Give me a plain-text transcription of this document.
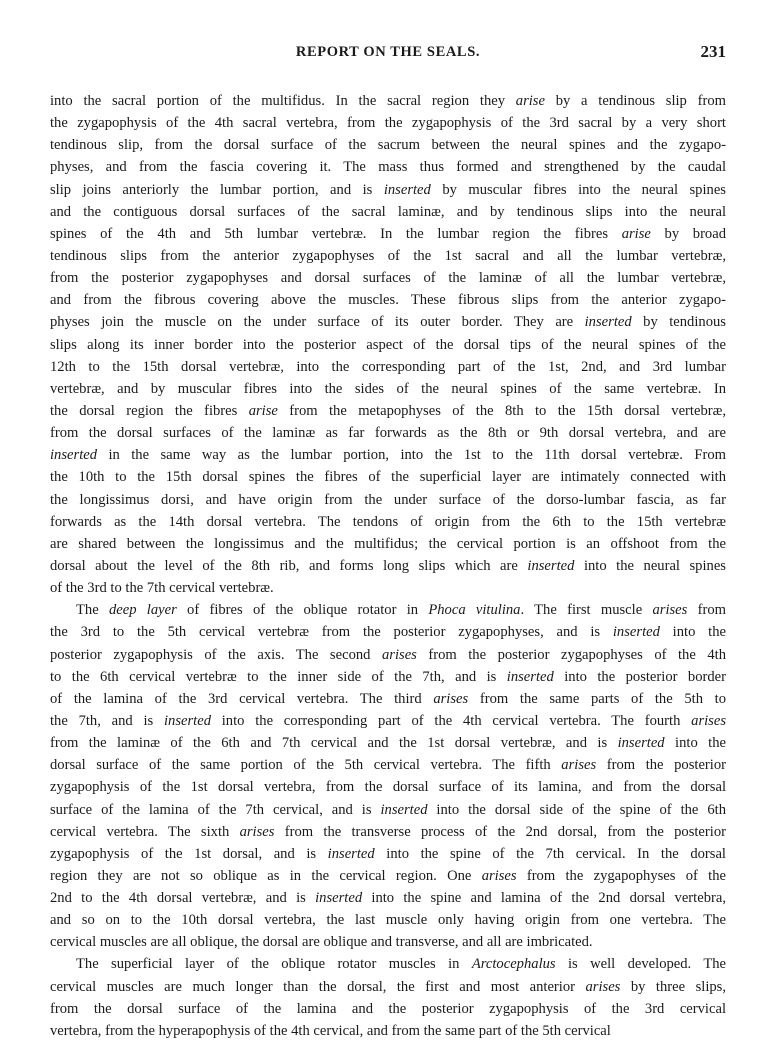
REPORT ON THE SEALS.	231
into the sacral portion of the multifidus. In the sacral region they arise by a tendinous slip from
the zygapophysis of the 4th sacral vertebra, from the zygapophysis of the 3rd sacral by a very short
tendinous slip, from the dorsal surface of the sacrum between the neural spines and the zygapo-
physes, and from the fascia covering it. The mass thus formed and strengthened by the caudal
slip joins anteriorly the lumbar portion, and is inserted by muscular fibres into the neural spines
and the contiguous dorsal surfaces of the sacral laminæ, and by tendinous slips into the neural
spines of the 4th and 5th lumbar vertebræ. In the lumbar region the fibres arise by broad
tendinous slips from the anterior zygapophyses of the 1st sacral and all the lumbar vertebræ,
from the posterior zygapophyses and dorsal surfaces of the laminæ of all the lumbar vertebræ,
and from the fibrous covering above the muscles. These fibrous slips from the anterior zygapo-
physes join the muscle on the under surface of its outer border. They are inserted by tendinous
slips along its inner border into the posterior aspect of the dorsal tips of the neural spines of the
12th to the 15th dorsal vertebræ, into the corresponding part of the 1st, 2nd, and 3rd lumbar
vertebræ, and by muscular fibres into the sides of the neural spines of the same vertebræ. In
the dorsal region the fibres arise from the metapophyses of the 8th to the 15th dorsal vertebræ,
from the dorsal surfaces of the laminæ as far forwards as the 8th or 9th dorsal vertebra, and are
inserted in the same way as the lumbar portion, into the 1st to the 11th dorsal vertebræ. From
the 10th to the 15th dorsal spines the fibres of the superficial layer are intimately connected with
the longissimus dorsi, and have origin from the under surface of the dorso-lumbar fascia, as far
forwards as the 14th dorsal vertebra. The tendons of origin from the 6th to the 15th vertebræ
are shared between the longissimus and the multifidus; the cervical portion is an offshoot from the
dorsal about the level of the 8th rib, and forms long slips which are inserted into the neural spines
of the 3rd to the 7th cervical vertebræ.
The deep layer of fibres of the oblique rotator in Phoca vitulina. The first muscle arises from
the 3rd to the 5th cervical vertebræ from the posterior zygapophyses, and is inserted into the
posterior zygapophysis of the axis. The second arises from the posterior zygapophyses of the 4th
to the 6th cervical vertebræ to the inner side of the 7th, and is inserted into the posterior border
of the lamina of the 3rd cervical vertebra. The third arises from the same parts of the 5th to
the 7th, and is inserted into the corresponding part of the 4th cervical vertebra. The fourth arises
from the laminæ of the 6th and 7th cervical and the 1st dorsal vertebræ, and is inserted into the
dorsal surface of the same portion of the 5th cervical vertebra. The fifth arises from the posterior
zygapophysis of the 1st dorsal vertebra, from the dorsal surface of its lamina, and from the dorsal
surface of the lamina of the 7th cervical, and is inserted into the dorsal side of the spine of the 6th
cervical vertebra. The sixth arises from the transverse process of the 2nd dorsal, from the posterior
zygapophysis of the 1st dorsal, and is inserted into the spine of the 7th cervical. In the dorsal
region they are not so oblique as in the cervical region. One arises from the zygapophyses of the
2nd to the 4th dorsal vertebræ, and is inserted into the spine and lamina of the 2nd dorsal vertebra,
and so on to the 10th dorsal vertebra, the last muscle only having origin from one vertebra. The
cervical muscles are all oblique, the dorsal are oblique and transverse, and all are imbricated.
The superficial layer of the oblique rotator muscles in Arctocephalus is well developed. The
cervical muscles are much longer than the dorsal, the first and most anterior arises by three slips,
from the dorsal surface of the lamina and the posterior zygapophysis of the 3rd cervical
vertebra, from the hyperapophysis of the 4th cervical, and from the same part of the 5th cervical
